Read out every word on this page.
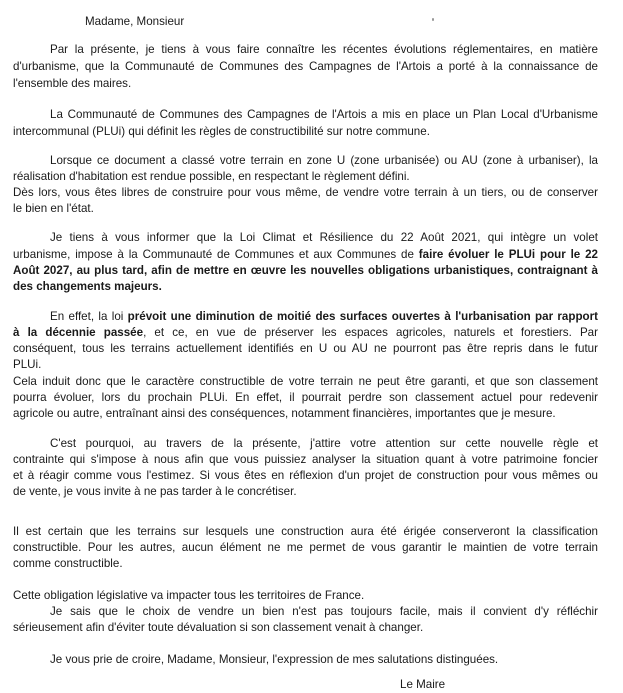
Madame, Monsieur
Par la présente, je tiens à vous faire connaître les récentes évolutions réglementaires, en matière
d'urbanisme, que la Communauté de Communes des Campagnes de l'Artois a porté à la connaissance de
l'ensemble des maires.
La Communauté de Communes des Campagnes de l'Artois a mis en place un Plan Local d'Urbanisme
intercommunal (PLUi) qui définit les règles de constructibilité sur notre commune.
Lorsque ce document a classé votre terrain en zone U (zone urbanisée) ou AU (zone à urbaniser), la
réalisation d'habitation est rendue possible, en respectant le règlement défini.
Dès lors, vous êtes libres de construire pour vous même, de vendre votre terrain à un tiers, ou de conserver
le bien en l'état.
Je tiens à vous informer que la Loi Climat et Résilience du 22 Août 2021, qui intègre un volet
urbanisme, impose à la Communauté de Communes et aux Communes de faire évoluer le PLUi pour le 22
Août 2027, au plus tard, afin de mettre en œuvre les nouvelles obligations urbanistiques, contraignant à
des changements majeurs.
En effet, la loi prévoit une diminution de moitié des surfaces ouvertes à l'urbanisation par rapport
à la décennie passée, et ce, en vue de préserver les espaces agricoles, naturels et forestiers. Par
conséquent, tous les terrains actuellement identifiés en U ou AU ne pourront pas être repris dans le futur
PLUi.
Cela induit donc que le caractère constructible de votre terrain ne peut être garanti, et que son classement
pourra évoluer, lors du prochain PLUi. En effet, il pourrait perdre son classement actuel pour redevenir
agricole ou autre, entraînant ainsi des conséquences, notamment financières, importantes que je mesure.
C'est pourquoi, au travers de la présente, j'attire votre attention sur cette nouvelle règle et
contrainte qui s'impose à nous afin que vous puissiez analyser la situation quant à votre patrimoine foncier
et à réagir comme vous l'estimez. Si vous êtes en réflexion d'un projet de construction pour vous mêmes ou
de vente, je vous invite à ne pas tarder à le concrétiser.
Il est certain que les terrains sur lesquels une construction aura été érigée conserveront la classification
constructible. Pour les autres, aucun élément ne me permet de vous garantir le maintien de votre terrain
comme constructible.
Cette obligation législative va impacter tous les territoires de France.
Je sais que le choix de vendre un bien n'est pas toujours facile, mais il convient d'y réfléchir
sérieusement afin d'éviter toute dévaluation si son classement venait à changer.
Je vous prie de croire, Madame, Monsieur, l'expression de mes salutations distinguées.
Le Maire
